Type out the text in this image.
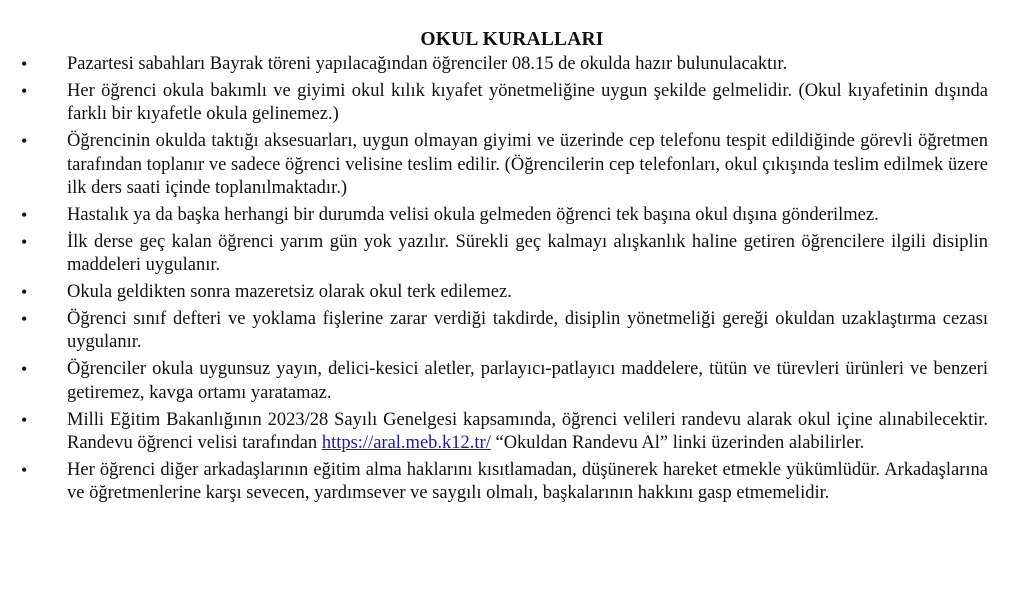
OKUL KURALLARI
• Pazartesi sabahları Bayrak töreni yapılacağından öğrenciler 08.15 de okulda hazır bulunulacaktır.
• Her öğrenci okula bakımlı ve giyimi okul kılık kıyafet yönetmeliğine uygun şekilde gelmelidir. (Okul kıyafetinin dışında farklı bir kıyafetle okula gelinemez.)
• Öğrencinin okulda taktığı aksesuarları, uygun olmayan giyimi ve üzerinde cep telefonu tespit edildiğinde görevli öğretmen tarafından toplanır ve sadece öğrenci velisine teslim edilir. (Öğrencilerin cep telefonları, okul çıkışında teslim edilmek üzere ilk ders saati içinde toplanılmaktadır.)
• Hastalık ya da başka herhangi bir durumda velisi okula gelmeden öğrenci tek başına okul dışına gönderilmez.
• İlk derse geç kalan öğrenci yarım gün yok yazılır. Sürekli geç kalmayı alışkanlık haline getiren öğrencilere ilgili disiplin maddeleri uygulanır.
• Okula geldikten sonra mazeretsiz olarak okul terk edilemez.
• Öğrenci sınıf defteri ve yoklama fişlerine zarar verdiği takdirde, disiplin yönetmeliği gereği okuldan uzaklaştırma cezası uygulanır.
• Öğrenciler okula uygunsuz yayın, delici-kesici aletler, parlayıcı-patlayıcı maddelere, tütün ve türevleri ürünleri ve benzeri getiremez, kavga ortamı yaratamaz.
• Milli Eğitim Bakanlığının 2023/28 Sayılı Genelgesi kapsamında, öğrenci velileri randevu alarak okul içine alınabilecektir. Randevu öğrenci velisi tarafından https://aral.meb.k12.tr/ “Okuldan Randevu Al” linki üzerinden alabilirler.
• Her öğrenci diğer arkadaşlarının eğitim alma haklarını kısıtlamadan, düşünerek hareket etmekle yükümlüdür. Arkadaşlarına ve öğretmenlerine karşı sevecen, yardımsever ve saygılı olmalı, başkalarının hakkını gasp etmemelidir.
